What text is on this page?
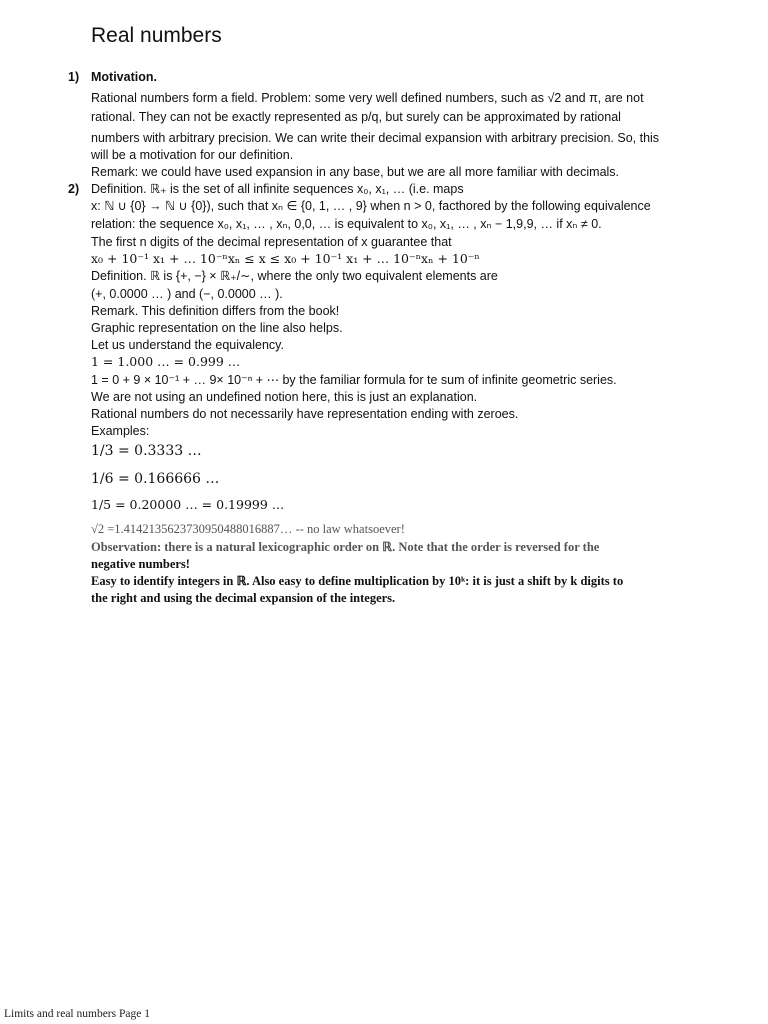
Real numbers
1) Motivation.
Rational numbers form a field. Problem: some very well defined numbers, such as √2 and π, are not
rational. They can not be exactly represented as p/q, but surely can be approximated by rational
numbers with arbitrary precision. We can write their decimal expansion with arbitrary precision. So, this
will be a motivation for our definition.
Remark: we could have used expansion in any base, but we are all more familiar with decimals.
2) Definition. ℝ₊ is the set of all infinite sequences x₀, x₁, … (i.e. maps
x: ℕ ∪ {0} → ℕ ∪ {0}), such that xₙ ∈ {0, 1, … , 9} when n > 0, facthored by the following equivalence
relation: the sequence x₀, x₁, … , xₙ, 0,0, … is equivalent to x₀, x₁, … , xₙ − 1,9,9, … if xₙ ≠ 0.
The first n digits of the decimal representation of x guarantee that
x₀ + 10⁻¹ x₁ + … 10⁻ⁿxₙ ≤ x ≤ x₀ + 10⁻¹ x₁ + … 10⁻ⁿxₙ + 10⁻ⁿ
Definition. ℝ is {+, −} × ℝ₊/∼, where the only two equivalent elements are
(+, 0.0000 … ) and (−, 0.0000 … ).
Remark. This definition differs from the book!
Graphic representation on the line also helps.
Let us understand the equivalency.
1 = 1.000 … = 0.999 …
1 = 0 + 9 × 10⁻¹ + … 9× 10⁻ⁿ + ⋯ by the familiar formula for te sum of infinite geometric series.
We are not using an undefined notion here, this is just an explanation.
Rational numbers do not necessarily have representation ending with zeroes.
Examples:
1/3 = 0.3333 …
1/6 = 0.166666 …
1/5 = 0.20000 … = 0.19999 …
√2 =1.4142135623730950488016887… -- no law whatsoever!
Observation: there is a natural lexicographic order on ℝ. Note that the order is reversed for the
negative numbers!
Easy to identify integers in ℝ. Also easy to define multiplication by 10ᵏ: it is just a shift by k digits to
the right and using the decimal expansion of the integers.
Limits and real numbers Page 1
